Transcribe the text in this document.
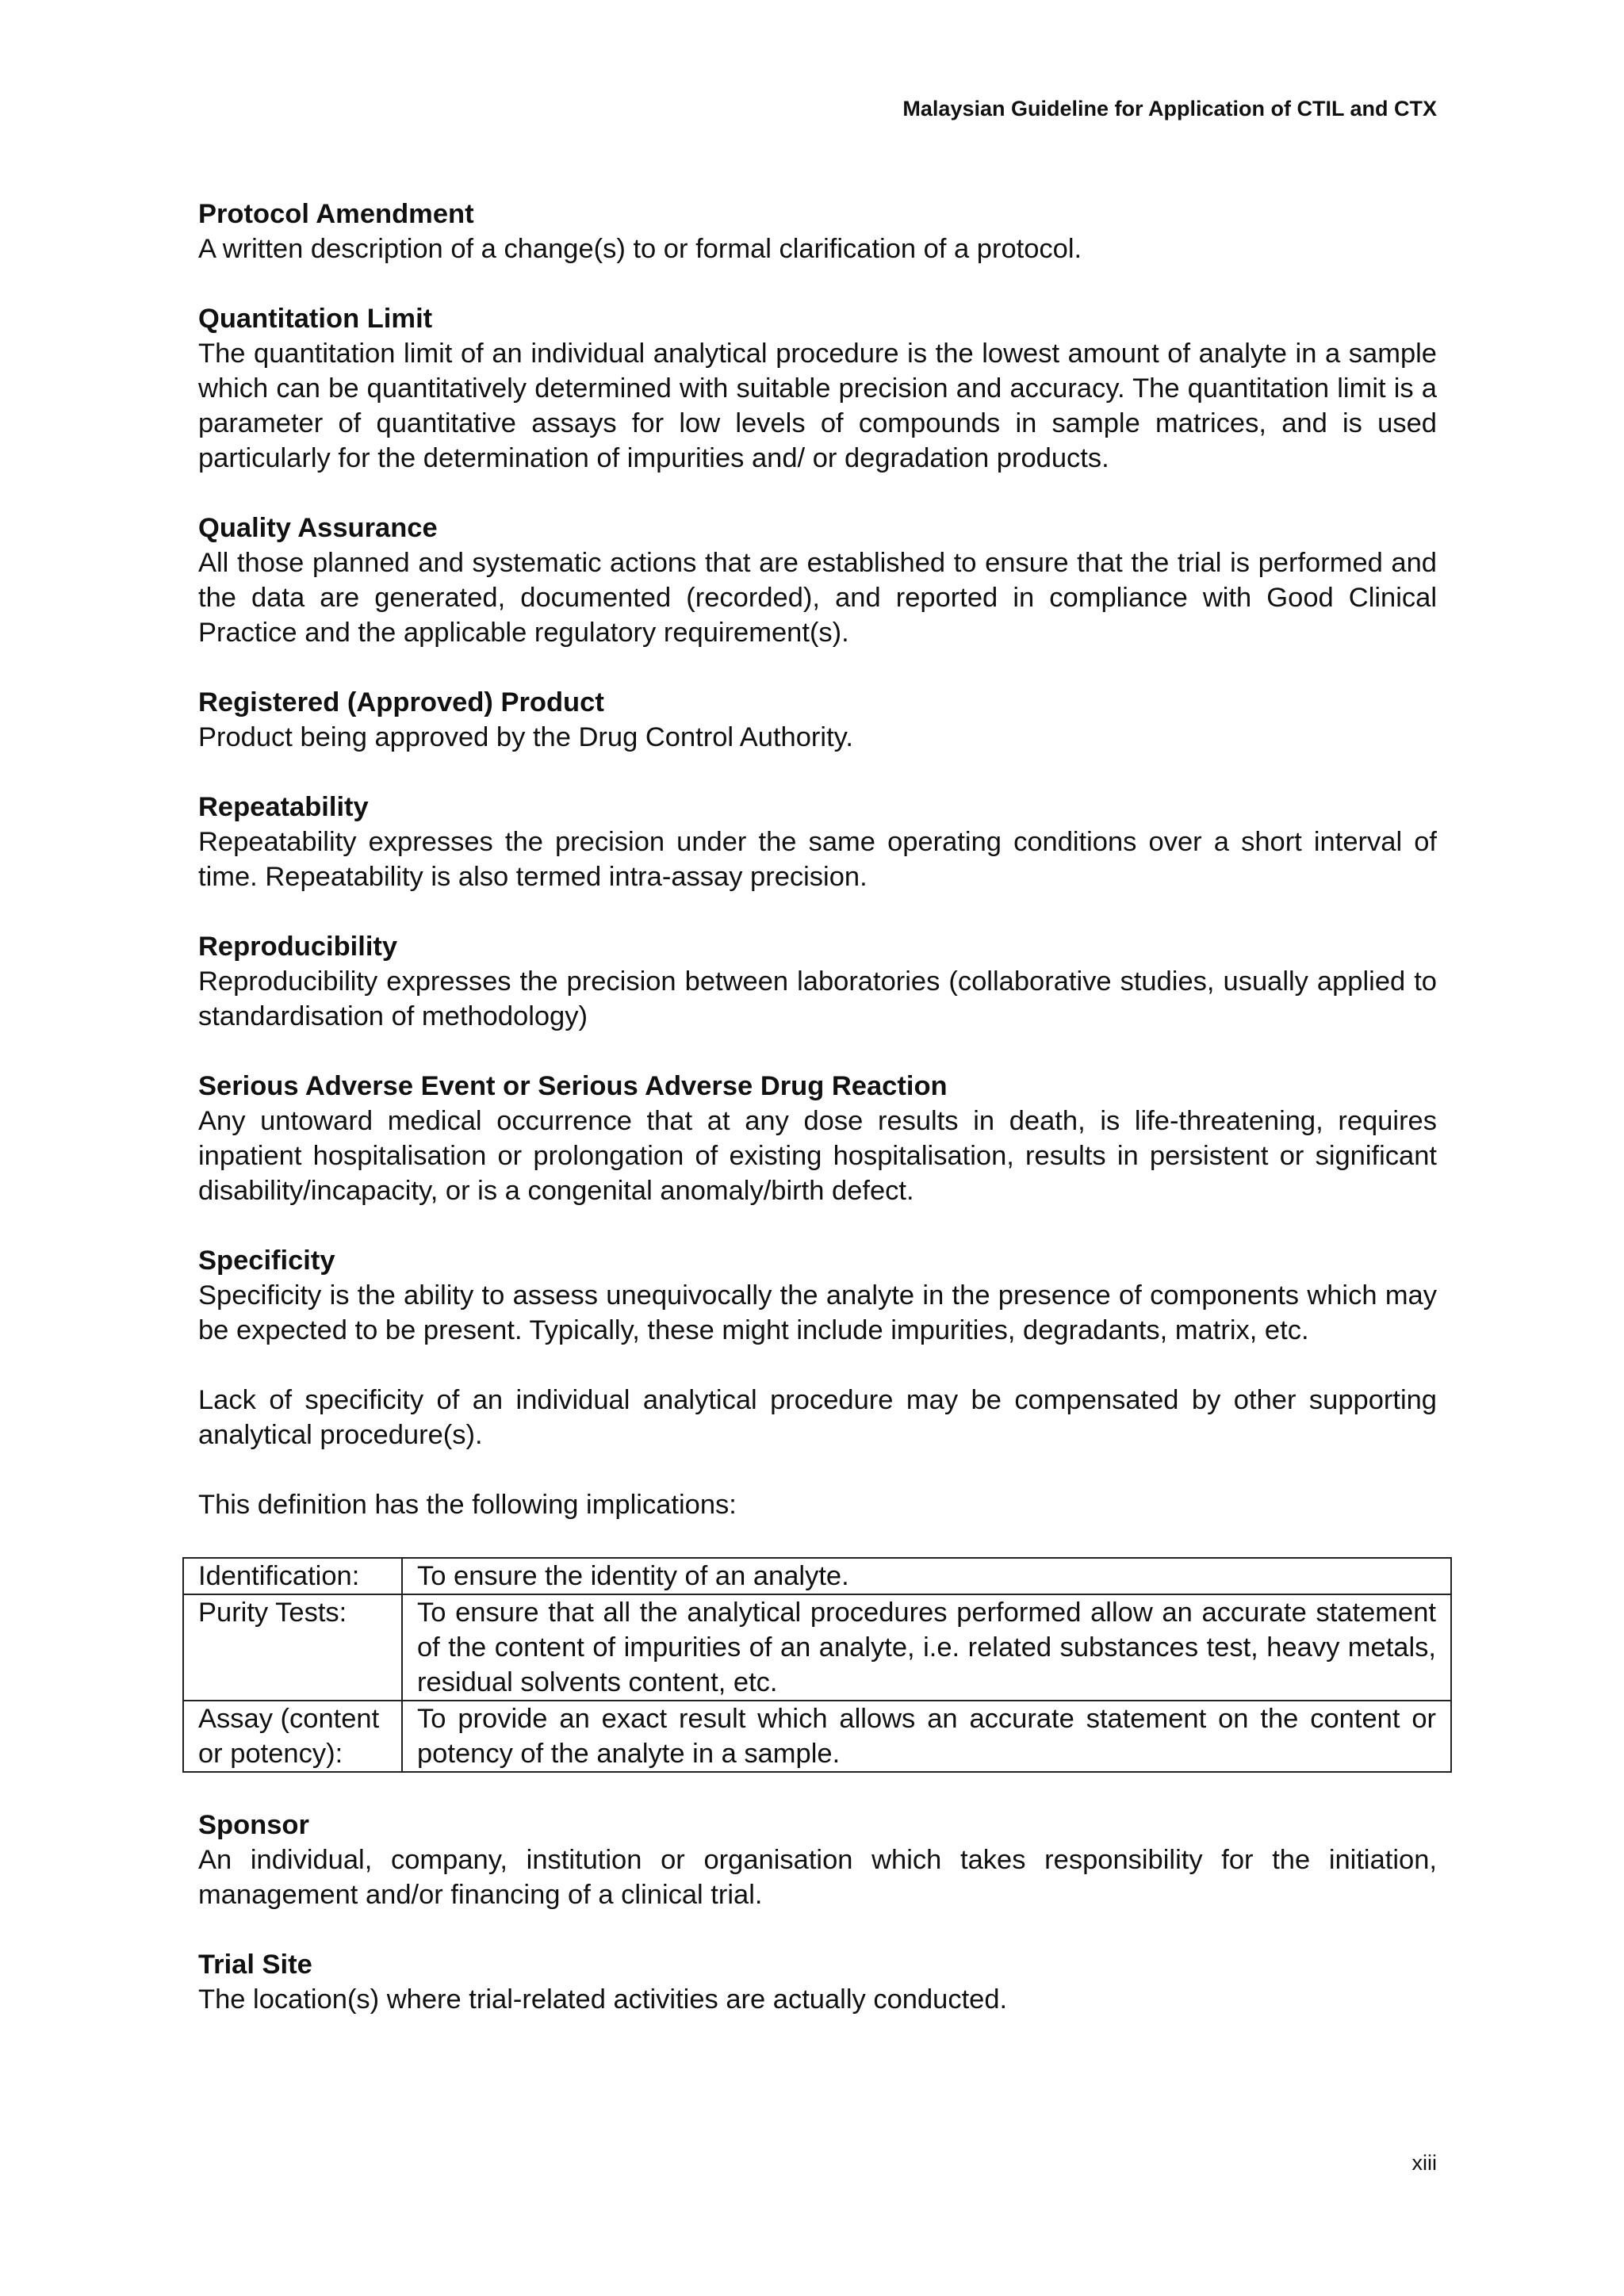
Malaysian Guideline for Application of CTIL and CTX
Protocol Amendment
A written description of a change(s) to or formal clarification of a protocol.
Quantitation Limit
The quantitation limit of an individual analytical procedure is the lowest amount of analyte in a sample which can be quantitatively determined with suitable precision and accuracy. The quantitation limit is a parameter of quantitative assays for low levels of compounds in sample matrices, and is used particularly for the determination of impurities and/ or degradation products.
Quality Assurance
All those planned and systematic actions that are established to ensure that the trial is performed and the data are generated, documented (recorded), and reported in compliance with Good Clinical Practice and the applicable regulatory requirement(s).
Registered (Approved) Product
Product being approved by the Drug Control Authority.
Repeatability
Repeatability expresses the precision under the same operating conditions over a short interval of time. Repeatability is also termed intra-assay precision.
Reproducibility
Reproducibility expresses the precision between laboratories (collaborative studies, usually applied to standardisation of methodology)
Serious Adverse Event or Serious Adverse Drug Reaction
Any untoward medical occurrence that at any dose results in death, is life-threatening, requires inpatient hospitalisation or prolongation of existing hospitalisation, results in persistent or significant disability/incapacity, or is a congenital anomaly/birth defect.
Specificity
Specificity is the ability to assess unequivocally the analyte in the presence of components which may be expected to be present. Typically, these might include impurities, degradants, matrix, etc.

Lack of specificity of an individual analytical procedure may be compensated by other supporting analytical procedure(s).

This definition has the following implications:

Identification:	To ensure the identity of an analyte.
Purity Tests:	To ensure that all the analytical procedures performed allow an accurate statement of the content of impurities of an analyte, i.e. related substances test, heavy metals, residual solvents content, etc.
Assay (content or potency):	To provide an exact result which allows an accurate statement on the content or potency of the analyte in a sample.
Sponsor
An individual, company, institution or organisation which takes responsibility for the initiation, management and/or financing of a clinical trial.
Trial Site
The location(s) where trial-related activities are actually conducted.
xiii
